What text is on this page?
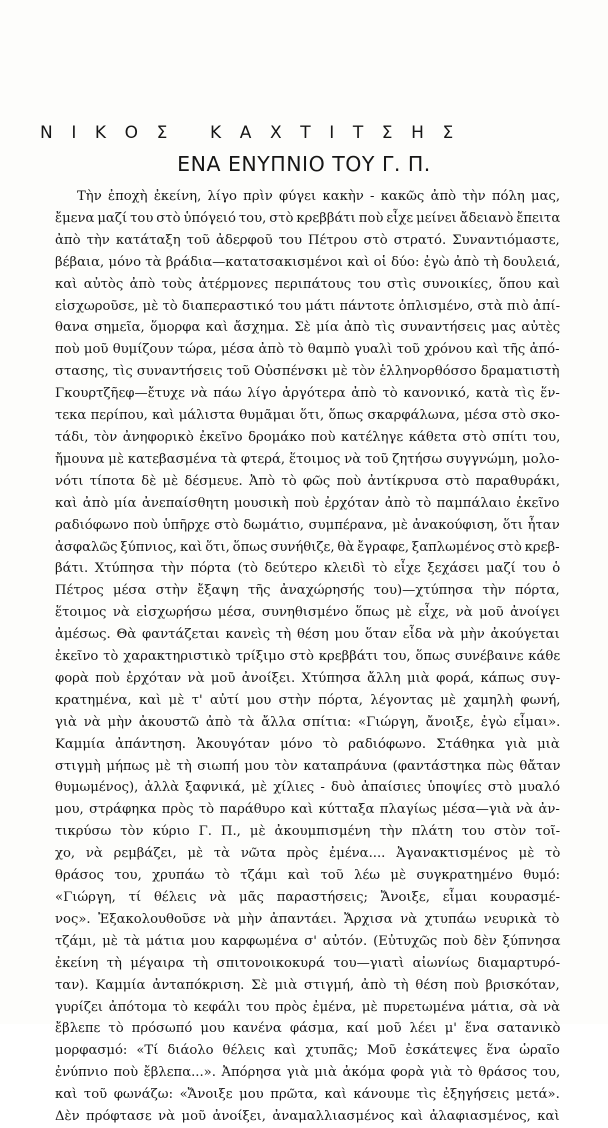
ΝΙΚΟΣ ΚΑΧΤΙΤΣΗΣ
ΕΝΑ ΕΝΥΠΝΙΟ ΤΟΥ Γ. Π.
Τὴν ἐποχὴ ἐκείνη, λίγο πρὶν φύγει κακὴν - κακῶς ἀπὸ τὴν πόλη μας,
ἔμενα μαζί του στὸ ὑπόγειό του, στὸ κρεββάτι ποὺ εἶχε μείνει ἄδειανὸ ἔπειτα
ἀπὸ τὴν κατάταξη τοῦ ἀδερφοῦ του Πέτρου στὸ στρατό. Συναντιόμαστε,
βέβαια, μόνο τὰ βράδια—κατατσακισμένοι καὶ οἱ δύο: ἐγὼ ἀπὸ τὴ δουλειά,
καὶ αὐτὸς ἀπὸ τοὺς ἀτέρμονες περιπάτους του στὶς συνοικίες, ὅπου καὶ
εἰσχωροῦσε, μὲ τὸ διαπεραστικό του μάτι πάντοτε ὁπλισμένο, στὰ πιὸ ἀπί-
θανα σημεῖα, ὅμορφα καὶ ἄσχημα. Σὲ μία ἀπὸ τὶς συναντήσεις μας αὐτὲς
ποὺ μοῦ θυμίζουν τώρα, μέσα ἀπὸ τὸ θαμπὸ γυαλὶ τοῦ χρόνου καὶ τῆς ἀπό-
στασης, τὶς συναντήσεις τοῦ Οὐσπένσκι μὲ τὸν ἑλληνορθόσσο δραματιστὴ
Γκουρτζῆεφ—ἔτυχε νὰ πάω λίγο ἀργότερα ἀπὸ τὸ κανονικό, κατὰ τὶς ἕν-
τεκα περίπου, καὶ μάλιστα θυμᾶμαι ὅτι, ὅπως σκαρφάλωνα, μέσα στὸ σκο-
τάδι, τὸν ἀνηφορικὸ ἐκεῖνο δρομάκο ποὺ κατέληγε κάθετα στὸ σπίτι του,
ἤμουνα μὲ κατεβασμένα τὰ φτερά, ἕτοιμος νὰ τοῦ ζητήσω συγγνώμη, μολο-
νότι τίποτα δὲ μὲ δέσμευε. Ἀπὸ τὸ φῶς ποὺ ἀντίκρυσα στὸ παραθυράκι,
καὶ ἀπὸ μία ἀνεπαίσθητη μουσικὴ ποὺ ἐρχόταν ἀπὸ τὸ παμπάλαιο ἐκεῖνο
ραδιόφωνο ποὺ ὑπῆρχε στὸ δωμάτιο, συμπέρανα, μὲ ἀνακούφιση, ὅτι ἦταν
ἀσφαλῶς ξύπνιος, καὶ ὅτι, ὅπως συνήθιζε, θὰ ἔγραφε, ξαπλωμένος στὸ κρεβ-
βάτι. Χτύπησα τὴν πόρτα (τὸ δεύτερο κλειδὶ τὸ εἶχε ξεχάσει μαζί του ὁ
Πέτρος μέσα στὴν ἔξαψη τῆς ἀναχώρησής του)—χτύπησα τὴν πόρτα,
ἕτοιμος νὰ εἰσχωρήσω μέσα, συνηθισμένο ὅπως μὲ εἶχε, νὰ μοῦ ἀνοίγει
ἀμέσως. Θὰ φαντάζεται κανεὶς τὴ θέση μου ὅταν εἶδα νὰ μὴν ἀκούγεται
ἐκεῖνο τὸ χαρακτηριστικὸ τρίξιμο στὸ κρεββάτι του, ὅπως συνέβαινε κάθε
φορὰ ποὺ ἐρχόταν νὰ μοῦ ἀνοίξει. Χτύπησα ἄλλη μιὰ φορά, κάπως συγ-
κρατημένα, καὶ μὲ τ' αὐτί μου στὴν πόρτα, λέγοντας μὲ χαμηλὴ φωνή,
γιὰ νὰ μὴν ἀκουστῶ ἀπὸ τὰ ἄλλα σπίτια: «Γιώργη, ἄνοιξε, ἐγὼ εἶμαι».
Καμμία ἀπάντηση. Ἀκουγόταν μόνο τὸ ραδιόφωνο. Στάθηκα γιὰ μιὰ
στιγμὴ μήπως μὲ τὴ σιωπή μου τὸν καταπράυνα (φαντάστηκα πὼς θἄταν
θυμωμένος), ἀλλὰ ξαφνικά, μὲ χίλιες - δυὸ ἀπαίσιες ὑποψίες στὸ μυαλό
μου, στράφηκα πρὸς τὸ παράθυρο καὶ κύτταξα πλαγίως μέσα—γιὰ νὰ ἀν-
τικρύσω τὸν κύριο Γ. Π., μὲ ἀκουμπισμένη τὴν πλάτη του στὸν τοῖ-
χο, νὰ ρεμβάζει, μὲ τὰ νῶτα πρὸς ἐμένα.... Ἀγανακτισμένος μὲ τὸ
θράσος του, χρυπάω τὸ τζάμι καὶ τοῦ λέω μὲ συγκρατημένο θυμό:
«Γιώργη, τί θέλεις νὰ μᾶς παραστήσεις; Ἄνοιξε, εἶμαι κουρασμέ-
νος». Ἐξακολουθοῦσε νὰ μὴν ἀπαντάει. Ἄρχισα νὰ χτυπάω νευρικὰ τὸ
τζάμι, μὲ τὰ μάτια μου καρφωμένα σ' αὐτόν. (Εὐτυχῶς ποὺ δὲν ξύπνησα
ἐκείνη τὴ μέγαιρα τὴ σπιτονοικοκυρά του—γιατὶ αἰωνίως διαμαρτυρό-
ταν). Καμμία ἀνταπόκριση. Σὲ μιὰ στιγμή, ἀπὸ τὴ θέση ποὺ βρισκόταν,
γυρίζει ἀπότομα τὸ κεφάλι του πρὸς ἐμένα, μὲ πυρετωμένα μάτια, σὰ νὰ
ἔβλεπε τὸ πρόσωπό μου κανένα φάσμα, καί μοῦ λέει μ' ἕνα σατανικὸ
μορφασμό: «Τί διάολο θέλεις καὶ χτυπᾶς; Μοῦ ἐσκάτεψες ἕνα ὡραῖο
ἐνύπνιο ποὺ ἔβλεπα...». Ἀπόρησα γιὰ μιὰ ἀκόμα φορὰ γιὰ τὸ θράσος του,
καὶ τοῦ φωνάζω: «Ἄνοιξε μου πρῶτα, καὶ κάνουμε τὶς ἐξηγήσεις μετά».
Δὲν πρόφτασε νὰ μοῦ ἀνοίξει, ἀναμαλλιασμένος καὶ ἀλαφιασμένος, καὶ
